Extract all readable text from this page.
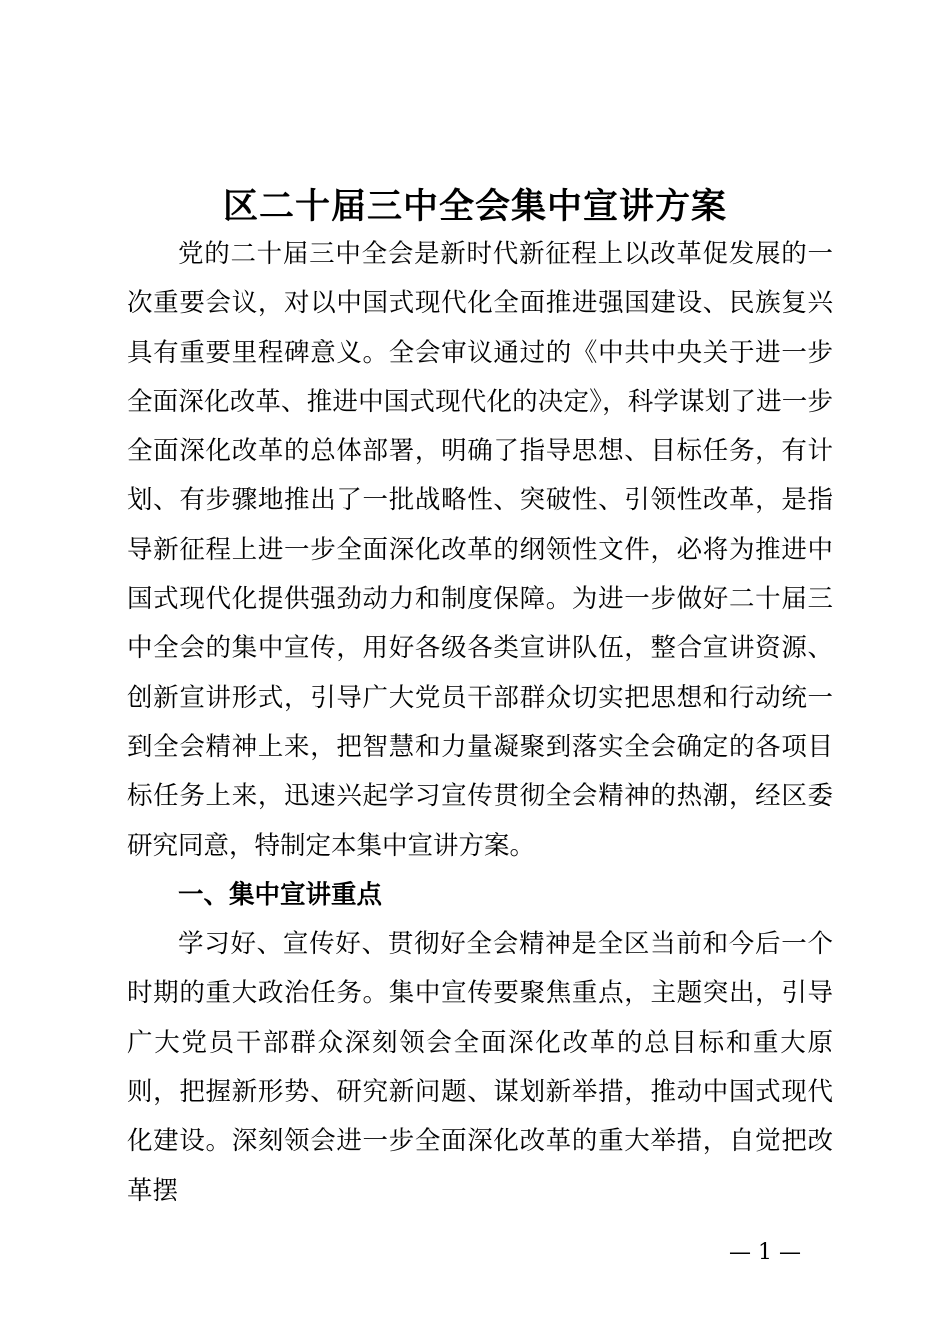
区二十届三中全会集中宣讲方案

党的二十届三中全会是新时代新征程上以改革促发展的一次重要会议，对以中国式现代化全面推进强国建设、民族复兴具有重要里程碑意义。全会审议通过的《中共中央关于进一步全面深化改革、推进中国式现代化的决定》，科学谋划了进一步全面深化改革的总体部署，明确了指导思想、目标任务，有计划、有步骤地推出了一批战略性、突破性、引领性改革，是指导新征程上进一步全面深化改革的纲领性文件，必将为推进中国式现代化提供强劲动力和制度保障。为进一步做好二十届三中全会的集中宣传，用好各级各类宣讲队伍，整合宣讲资源、创新宣讲形式，引导广大党员干部群众切实把思想和行动统一到全会精神上来，把智慧和力量凝聚到落实全会确定的各项目标任务上来，迅速兴起学习宣传贯彻全会精神的热潮，经区委研究同意，特制定本集中宣讲方案。

一、集中宣讲重点

学习好、宣传好、贯彻好全会精神是全区当前和今后一个时期的重大政治任务。集中宣传要聚焦重点，主题突出，引导广大党员干部群众深刻领会全面深化改革的总目标和重大原则，把握新形势、研究新问题、谋划新举措，推动中国式现代化建设。深刻领会进一步全面深化改革的重大举措，自觉把改革摆

— 1 —
